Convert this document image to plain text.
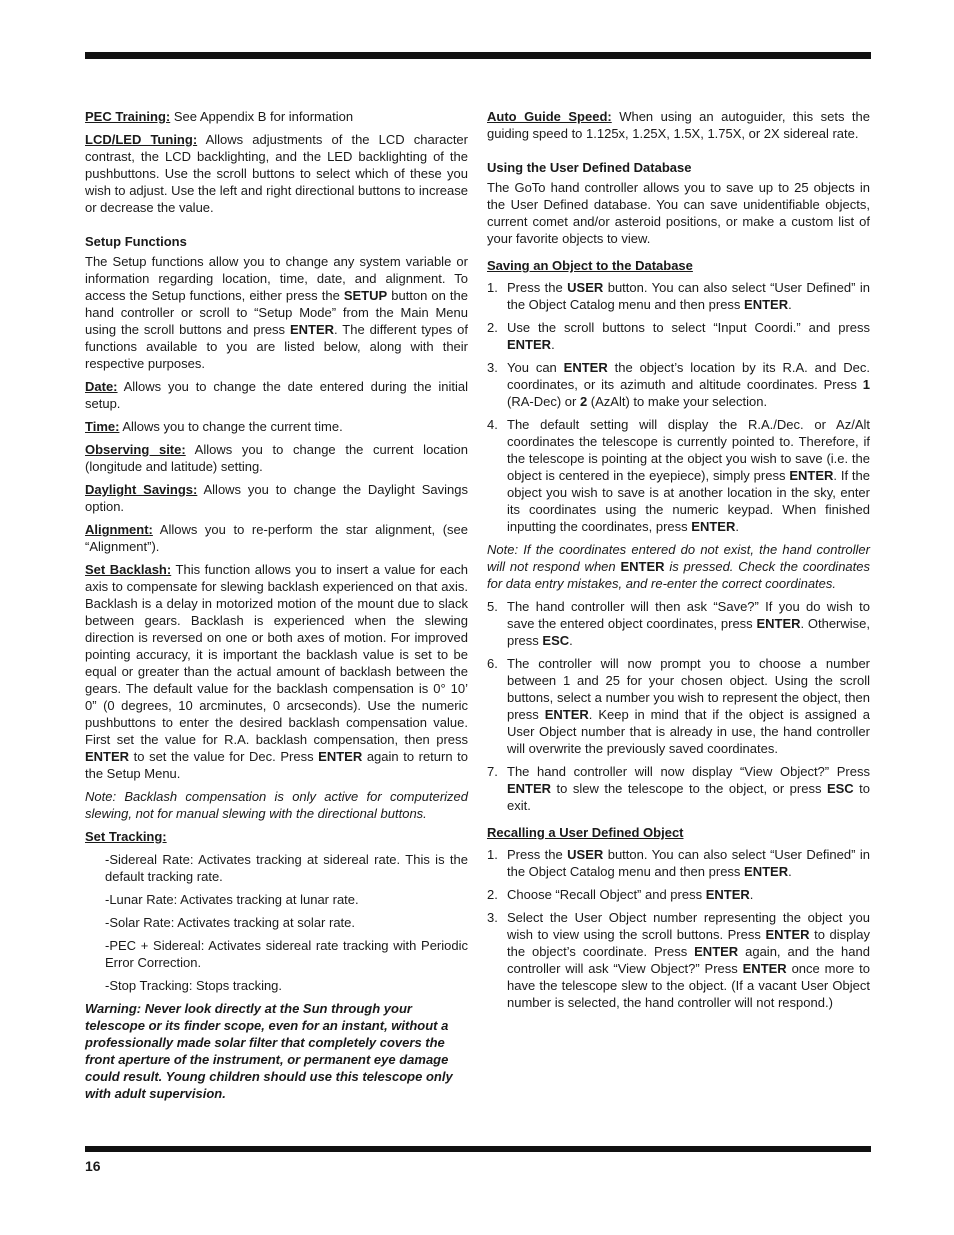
PEC Training: See Appendix B for information

LCD/LED Tuning: Allows adjustments of the LCD character contrast, the LCD backlighting, and the LED backlighting of the pushbuttons. Use the scroll buttons to select which of these you wish to adjust. Use the left and right directional buttons to increase or decrease the value.

Setup Functions

The Setup functions allow you to change any system variable or information regarding location, time, date, and alignment. To access the Setup functions, either press the SETUP button on the hand controller or scroll to “Setup Mode” from the Main Menu using the scroll buttons and press ENTER. The different types of functions available to you are listed below, along with their respective purposes.

Date: Allows you to change the date entered during the initial setup.

Time: Allows you to change the current time.

Observing site: Allows you to change the current location (longitude and latitude) setting.

Daylight Savings: Allows you to change the Daylight Savings option.

Alignment: Allows you to re-perform the star alignment, (see “Alignment”).

Set Backlash: This function allows you to insert a value for each axis to compensate for slewing backlash experienced on that axis. Backlash is a delay in motorized motion of the mount due to slack between gears. Backlash is experienced when the slewing direction is reversed on one or both axes of motion. For improved pointing accuracy, it is important the backlash value is set to be equal or greater than the actual amount of backlash between the gears. The default value for the backlash compensation is 0° 10’ 0” (0 degrees, 10 arcminutes, 0 arcseconds). Use the numeric pushbuttons to enter the desired backlash compensation value. First set the value for R.A. backlash compensation, then press ENTER to set the value for Dec. Press ENTER again to return to the Setup Menu.

Note: Backlash compensation is only active for computerized slewing, not for manual slewing with the directional buttons.

Set Tracking:

-Sidereal Rate: Activates tracking at sidereal rate. This is the default tracking rate.

-Lunar Rate: Activates tracking at lunar rate.

-Solar Rate: Activates tracking at solar rate.

-PEC + Sidereal: Activates sidereal rate tracking with Periodic Error Correction.

-Stop Tracking: Stops tracking.

Warning: Never look directly at the Sun through your telescope or its finder scope, even for an instant, without a professionally made solar filter that completely covers the front aperture of the instrument, or permanent eye damage could result. Young children should use this telescope only with adult supervision.

Auto Guide Speed: When using an autoguider, this sets the guiding speed to 1.125x, 1.25X, 1.5X, 1.75X, or 2X sidereal rate.

Using the User Defined Database

The GoTo hand controller allows you to save up to 25 objects in the User Defined database. You can save unidentifiable objects, current comet and/or asteroid positions, or make a custom list of your favorite objects to view.

Saving an Object to the Database
1. Press the USER button. You can also select “User Defined” in the Object Catalog menu and then press ENTER.
2. Use the scroll buttons to select “Input Coordi.” and press ENTER.
3. You can ENTER the object’s location by its R.A. and Dec. coordinates, or its azimuth and altitude coordinates. Press 1 (RA-Dec) or 2 (AzAlt) to make your selection.
4. The default setting will display the R.A./Dec. or Az/Alt coordinates the telescope is currently pointed to. Therefore, if the telescope is pointing at the object you wish to save (i.e. the object is centered in the eyepiece), simply press ENTER. If the object you wish to save is at another location in the sky, enter its coordinates using the numeric keypad. When finished inputting the coordinates, press ENTER.

Note: If the coordinates entered do not exist, the hand controller will not respond when ENTER is pressed. Check the coordinates for data entry mistakes, and re-enter the correct coordinates.

5. The hand controller will then ask “Save?” If you do wish to save the entered object coordinates, press ENTER. Otherwise, press ESC.
6. The controller will now prompt you to choose a number between 1 and 25 for your chosen object. Using the scroll buttons, select a number you wish to represent the object, then press ENTER. Keep in mind that if the object is assigned a User Object number that is already in use, the hand controller will overwrite the previously saved coordinates.
7. The hand controller will now display “View Object?” Press ENTER to slew the telescope to the object, or press ESC to exit.
Recalling a User Defined Object
1. Press the USER button. You can also select “User Defined” in the Object Catalog menu and then press ENTER.
2. Choose “Recall Object” and press ENTER.
3. Select the User Object number representing the object you wish to view using the scroll buttons. Press ENTER to display the object’s coordinate. Press ENTER again, and the hand controller will ask “View Object?” Press ENTER once more to have the telescope slew to the object. (If a vacant User Object number is selected, the hand controller will not respond.)
16
